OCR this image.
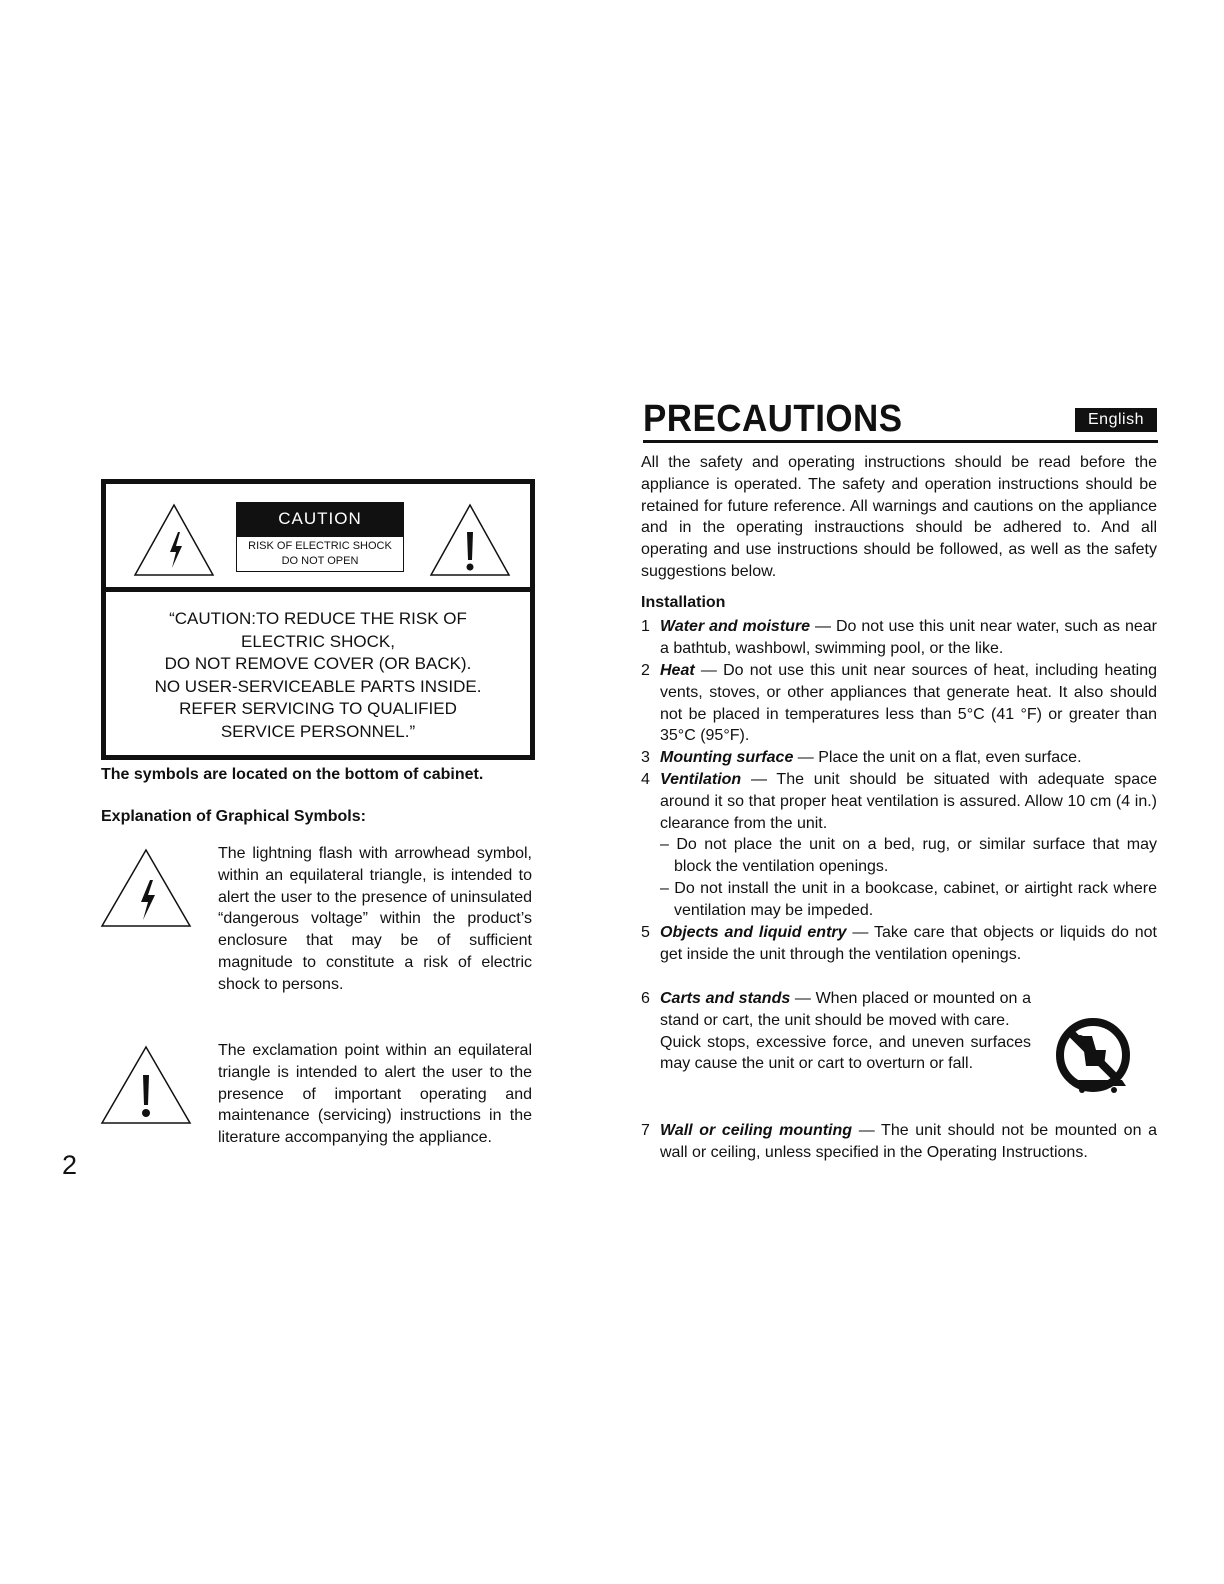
CAUTION
RISK OF ELECTRIC SHOCK
DO NOT OPEN
“CAUTION:TO REDUCE THE RISK OF
ELECTRIC SHOCK,
DO NOT REMOVE COVER (OR BACK).
NO USER-SERVICEABLE PARTS INSIDE.
REFER SERVICING TO QUALIFIED
SERVICE PERSONNEL.”
The symbols are located on the bottom of cabinet.
Explanation of Graphical Symbols:
The lightning flash with arrowhead symbol, within an equilateral triangle, is intended to alert the user to the presence of uninsulated “dangerous voltage” within the product’s enclosure that may be of sufficient magnitude to constitute a risk of electric shock to persons.
The exclamation point within an equilateral triangle is intended to alert the user to the presence of important operating and maintenance (servicing) instructions in the literature accompanying the appliance.
2
PRECAUTIONS	English
All the safety and operating instructions should be read before the appliance is operated. The safety and operation instructions should be retained for future reference. All warnings and cautions on the appliance and in the operating instrauctions should be adhered to. And all operating and use instructions should be followed, as well as the safety suggestions below.
Installation
1 Water and moisture — Do not use this unit near water, such as near a bathtub, washbowl, swimming pool, or the like.
2 Heat — Do not use this unit near sources of heat, including heating vents, stoves, or other appliances that generate heat. It also should not be placed in temperatures less than 5°C (41 °F) or greater than 35°C (95°F).
3 Mounting surface — Place the unit on a flat, even surface.
4 Ventilation — The unit should be situated with adequate space around it so that proper heat ventilation is assured. Allow 10 cm (4 in.) clearance from the unit.
– Do not place the unit on a bed, rug, or similar surface that may block the ventilation openings.
– Do not install the unit in a bookcase, cabinet, or airtight rack where ventilation may be impeded.
5 Objects and liquid entry — Take care that objects or liquids do not get inside the unit through the ventilation openings.
6 Carts and stands — When placed or mounted on a stand or cart, the unit should be moved with care.
Quick stops, excessive force, and uneven surfaces may cause the unit or cart to overturn or fall.
7 Wall or ceiling mounting — The unit should not be mounted on a wall or ceiling, unless specified in the Operating Instructions.
